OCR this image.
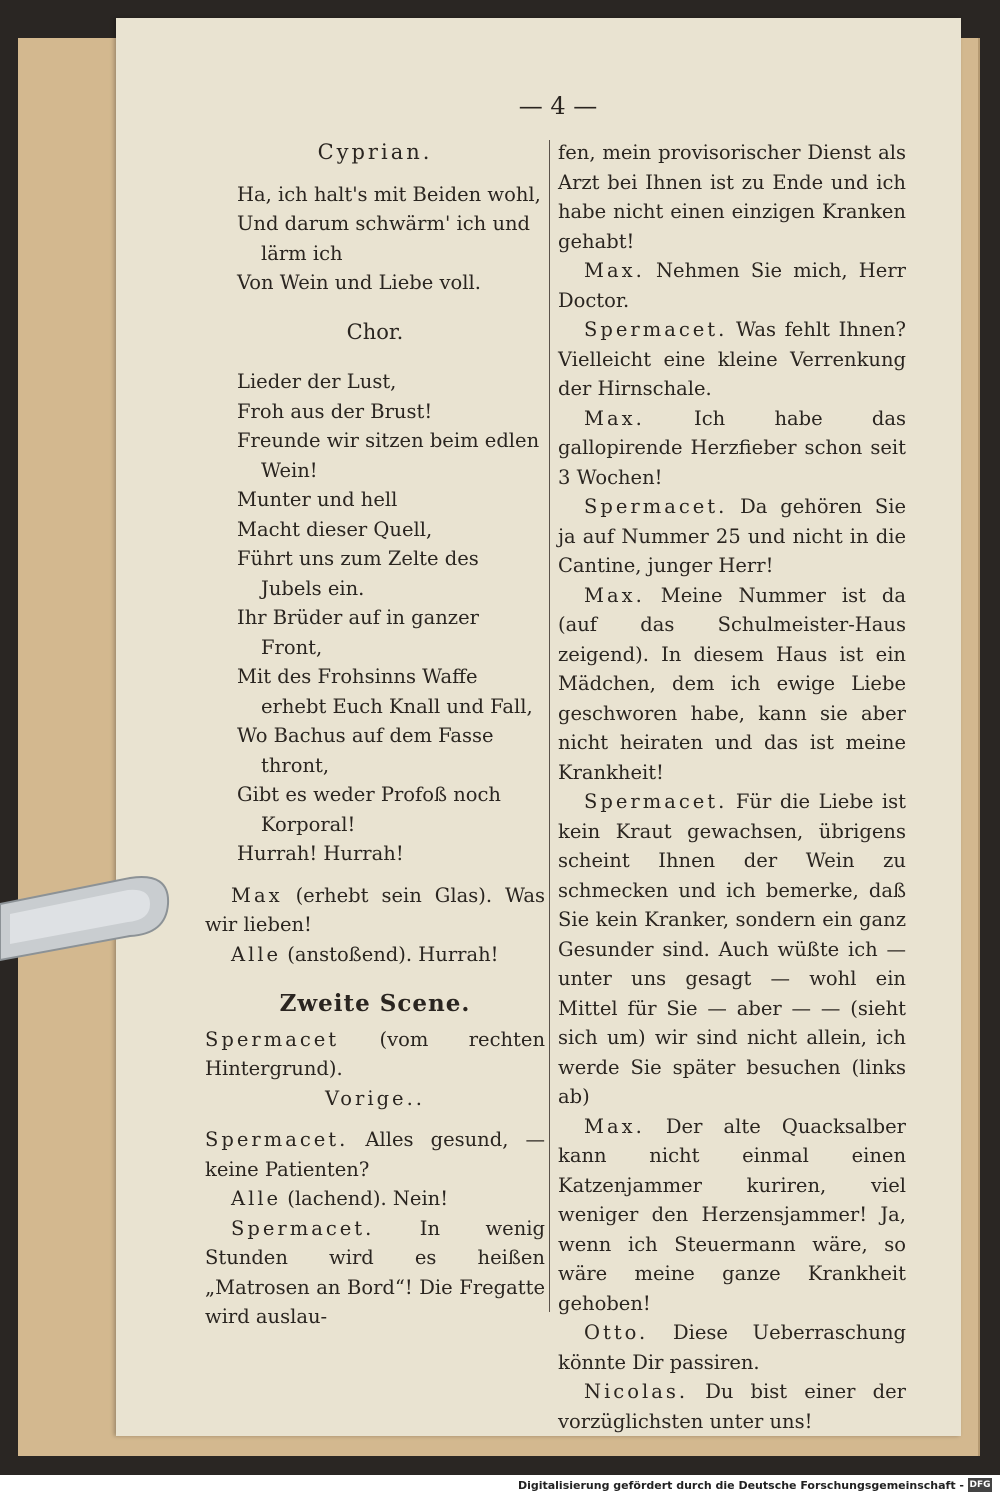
— 4 —

Cyprian.

Ha, ich halt's mit Beiden wohl,

Und darum schwärm' ich und lärm ich

Von Wein und Liebe voll.

Chor.

Lieder der Lust,

Froh aus der Brust!

Freunde wir sitzen beim edlen Wein!

Munter und hell

Macht dieser Quell,

Führt uns zum Zelte des Jubels ein.

Ihr Brüder auf in ganzer Front,

Mit des Frohsinns Waffe erhebt Euch Knall und Fall,

Wo Bachus auf dem Fasse thront,

Gibt es weder Profoß noch Korporal!

Hurrah! Hurrah!

Max (erhebt sein Glas). Was wir lieben!

Alle (anstoßend). Hurrah!

Zweite Scene.

Spermacet (vom rechten Hintergrund).

Vorige..

Spermacet. Alles gesund, — keine Patienten?

Alle (lachend). Nein!

Spermacet. In wenig Stunden wird es heißen „Matrosen an Bord“! Die Fregatte wird auslau-

fen, mein provisorischer Dienst als Arzt bei Ihnen ist zu Ende und ich habe nicht einen einzigen Kranken gehabt!

Max. Nehmen Sie mich, Herr Doctor.

Spermacet. Was fehlt Ihnen? Vielleicht eine kleine Verrenkung der Hirnschale.

Max. Ich habe das gallopirende Herzfieber schon seit 3 Wochen!

Spermacet. Da gehören Sie ja auf Nummer 25 und nicht in die Cantine, junger Herr!

Max. Meine Nummer ist da (auf das Schulmeister-Haus zeigend). In diesem Haus ist ein Mädchen, dem ich ewige Liebe geschworen habe, kann sie aber nicht heiraten und das ist meine Krankheit!

Spermacet. Für die Liebe ist kein Kraut gewachsen, übrigens scheint Ihnen der Wein zu schmecken und ich bemerke, daß Sie kein Kranker, sondern ein ganz Gesunder sind. Auch wüßte ich — unter uns gesagt — wohl ein Mittel für Sie — aber — — (sieht sich um) wir sind nicht allein, ich werde Sie später besuchen (links ab)

Max. Der alte Quacksalber kann nicht einmal einen Katzenjammer kuriren, viel weniger den Herzensjammer! Ja, wenn ich Steuermann wäre, so wäre meine ganze Krankheit gehoben!

Otto. Diese Ueberraschung könnte Dir passiren.

Nicolas. Du bist einer der vorzüglichsten unter uns!

Digitalisierung gefördert durch die Deutsche Forschungsgemeinschaft - DFG
